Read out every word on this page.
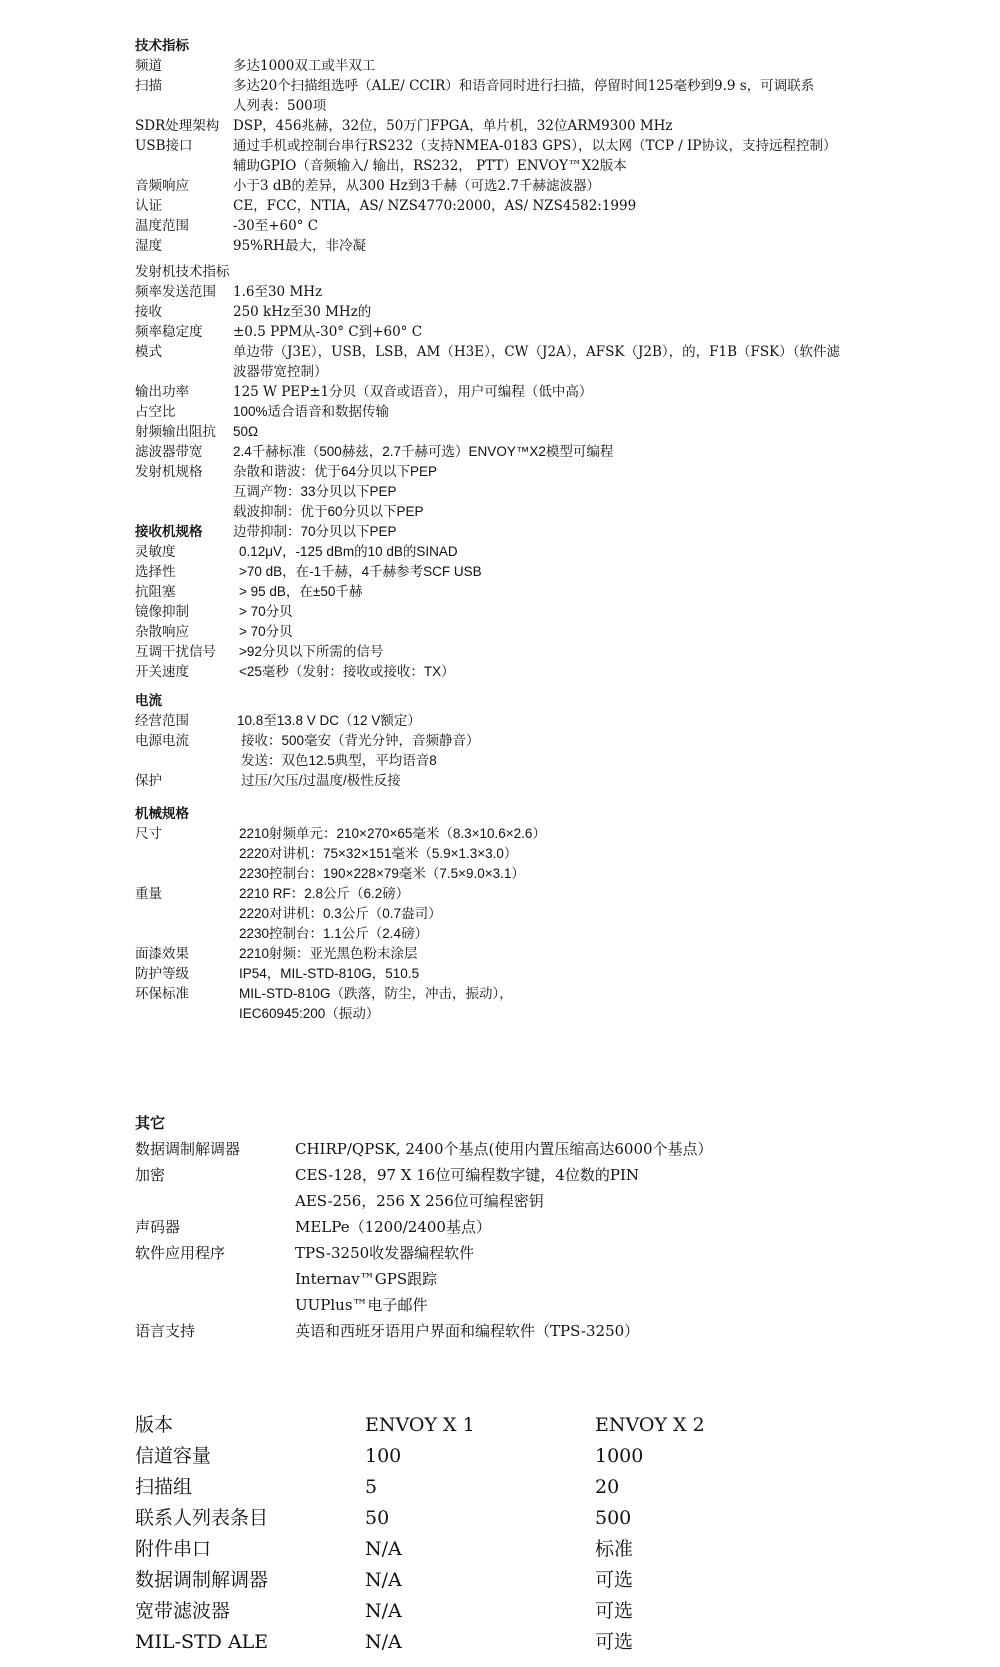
技术指标
频道	多达1000双工或半双工
扫描	多达20个扫描组选呼（ALE/ CCIR）和语音同时进行扫描，停留时间125毫秒到9.9 s，可调联系
人列表：500项
SDR处理架构	DSP，456兆赫，32位，50万门FPGA，单片机，32位ARM9300 MHz
USB接口	通过手机或控制台串行RS232（支持NMEA-0183 GPS），以太网（TCP / IP协议，支持远程控制）
辅助GPIO（音频输入/ 输出，RS232， PTT）ENVOY™X2版本
音频响应	小于3 dB的差异，从300 Hz到3千赫（可选2.7千赫滤波器）
认证	CE，FCC，NTIA，AS/ NZS4770:2000，AS/ NZS4582:1999
温度范围	-30至+60° C
湿度	95%RH最大，非冷凝
发射机技术指标
频率发送范围	1.6至30 MHz
接收	250 kHz至30 MHz的
频率稳定度	±0.5 PPM从-30° C到+60° C
模式	单边带（J3E），USB，LSB，AM（H3E），CW（J2A），AFSK（J2B），的，F1B（FSK）（软件滤
波器带宽控制）
输出功率	125 W PEP±1分贝（双音或语音），用户可编程（低中高）
占空比	100%适合语音和数据传输
射频输出阻抗	50Ω
滤波器带宽	2.4千赫标准（500赫兹，2.7千赫可选）ENVOY™X2模型可编程
发射机规格	杂散和谐波：优于64分贝以下PEP
互调产物：33分贝以下PEP
载波抑制：优于60分贝以下PEP
边带抑制：70分贝以下PEP
接收机规格
灵敏度	0.12μV，-125 dBm的10 dB的SINAD
选择性	>70 dB，在-1千赫，4千赫参考SCF USB
抗阻塞	> 95 dB，在±50千赫
镜像抑制	> 70分贝
杂散响应	> 70分贝
互调干扰信号	>92分贝以下所需的信号
开关速度	<25毫秒（发射：接收或接收：TX）
电流
经营范围	10.8至13.8 V DC（12 V额定）
电源电流	接收：500毫安（背光分钟，音频静音）
发送：双色12.5典型，平均语音8
保护	过压/欠压/过温度/极性反接
机械规格
尺寸	2210射频单元：210×270×65毫米（8.3×10.6×2.6）
2220对讲机：75×32×151毫米（5.9×1.3×3.0）
2230控制台：190×228×79毫米（7.5×9.0×3.1）
重量	2210 RF：2.8公斤（6.2磅）
2220对讲机：0.3公斤（0.7盎司）
2230控制台：1.1公斤（2.4磅）
面漆效果	2210射频：亚光黑色粉末涂层
防护等级	IP54，MIL-STD-810G，510.5
环保标准	MIL-STD-810G（跌落，防尘，冲击，振动），
IEC60945:200（振动）
其它
数据调制解调器	CHIRP/QPSK, 2400个基点(使用内置压缩高达6000个基点）
加密	CES-128，97 X 16位可编程数字键，4位数的PIN
AES-256，256 X 256位可编程密钥
声码器	MELPe（1200/2400基点）
软件应用程序	TPS-3250收发器编程软件
Internav™GPS跟踪
UUPlus™电子邮件
语言支持	英语和西班牙语用户界面和编程软件（TPS-3250）
版本	ENVOY X 1	ENVOY X 2
信道容量	100	1000
扫描组	5	20
联系人列表条目	50	500
附件串口	N/A	标准
数据调制解调器	N/A	可选
宽带滤波器	N/A	可选
MIL-STD ALE	N/A	可选
